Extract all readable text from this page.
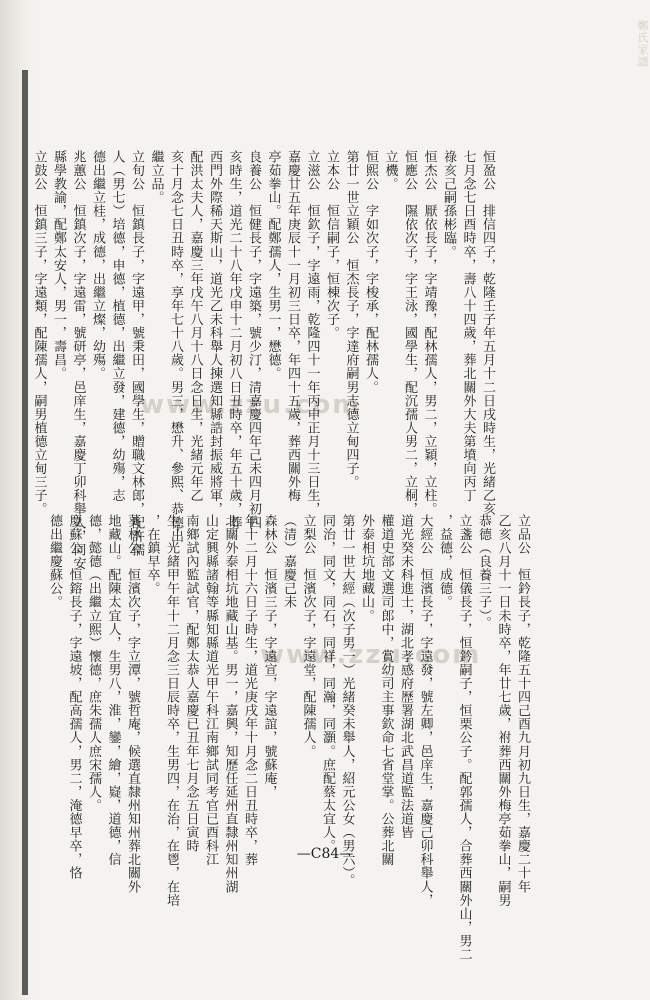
鄭氏家譜
www.zzu.com
www.zzu.com
恒盈公　排信四子，乾隆壬子年五月十二日戌時生，光緒乙亥
七月念七日酉時卒，壽八十四歲，葬北關外大夫第墳向丙丁
祿亥己嗣孫彬臨。
恒杰公　厭依長子，字靖豫，配林孺人，男二，立穎，立柱。
恒應公　隰依次子，字王泳，國學生，配沉孺人男二，立桐，
立機。
恒熙公　字如次子，字梭承，配林孺人。
第廿一世立穎公　恒杰長子，字達府嗣男志德立甸四子。
立本公　恒信嗣子，恒棟次子。
立滋公　恒欽子，字遠雨，乾隆四十一年丙申正月十三日生，
嘉慶廿五年庚辰十一月初三日卒，年四十五歲，葬西關外梅
亭茹拳山。配鄭孺人，生男一，懋德。
良養公　恒健長子，字遠築，號少汀，清嘉慶四年己未四月初四
亥時生，道光二十八年戊申十二月初八日丑時卒，年五十歲，葬
西門外際稀天斯山，道光乙未科舉人揀選知縣誥封振威將軍，
配洪太夫人，嘉慶三年戊午八月十八日念日生，光緒元年乙
亥十月念七日丑時卒，享年七十八歲。男三，懋升、參熙、恭德出
繼立品。
立旬公　恒鎮長子，字遠甲，號秉田，國學生，贈職文林郎，配許孺
人（男七）培德，申德，植德，出繼立發，建德，幼殤，志
德出繼立桂，成德，出繼立燦，幼殤。
兆蕙公　恒鎮次子，字遠雷，號研亭，邑庠生，嘉慶丁卯科舉人，同安
縣學教諭，配鄭太安人，男一，壽昌。
立鼓公　恒鎮三子，字遠類，配陳孺人，嗣男植德立甸三子。
立品公　恒鈐長子，乾隆五十四己酉九月初九日生，嘉慶二十年
乙亥八月十一日未時卒，年廿七歲，祔葬西關外梅亭茹拳山，嗣男
恭德（良養三子）。
立盞公　恒儀長子，恒鈐嗣子，恒栗公子。配郭孺人，合葬西關外山，男二
，益德，成德。
大經公　恒濱長子，字遠發，號左卿，邑庠生，嘉慶己卯科舉人，
道光癸未科進士，湖北孝感府歷署湖北武昌道監法道皆
權道史部文選司郎中，賞幼司主事欽命七省堂掌。公葬北關
外泰相坑地藏山。
第廿一世大經（次子男一）光緒癸未舉人，紹元公女（男六）。
同治，同文，同石，同祥，同瀚，同灝。庶配蔡太宜人。
立梨公　恒濱次子，字遠堂，配陳孺人。
（清）嘉慶己未
森林公　恒濱三子，字遠宣，字遠誼，號蘇庵，
年十二月十六日子時生，道光庚戌年十月念二日丑時卒，葬
北關外泰相坑地藏山基。男一，嘉興，知歷任延州直隸州知州湖
山定興縣諸翰等縣知縣道光甲午科江南鄉試同考官已酉科江
南鄉試內監試官，配鄭太恭人嘉慶已丑年七月念五日寅時
生，光緒甲午年十二月念三日辰時卒，生男四，在治，在鬯，在培
，在鎮早卒。
葵林公　恒濱次子，字立潭，號哲庵，候選直隸州知州葬北關外
地藏山。配陳太宜人，生男八，淮，鑾，繪，嶷，道德，信
德，懿德（出繼立熙）懷德，庶朱孺人庶宋孺人。
慶蘇公　恒鎔長子，字遠坡，配高孺人，男二，淹德早卒，恪
德出繼慶蘇公。
—C84—
